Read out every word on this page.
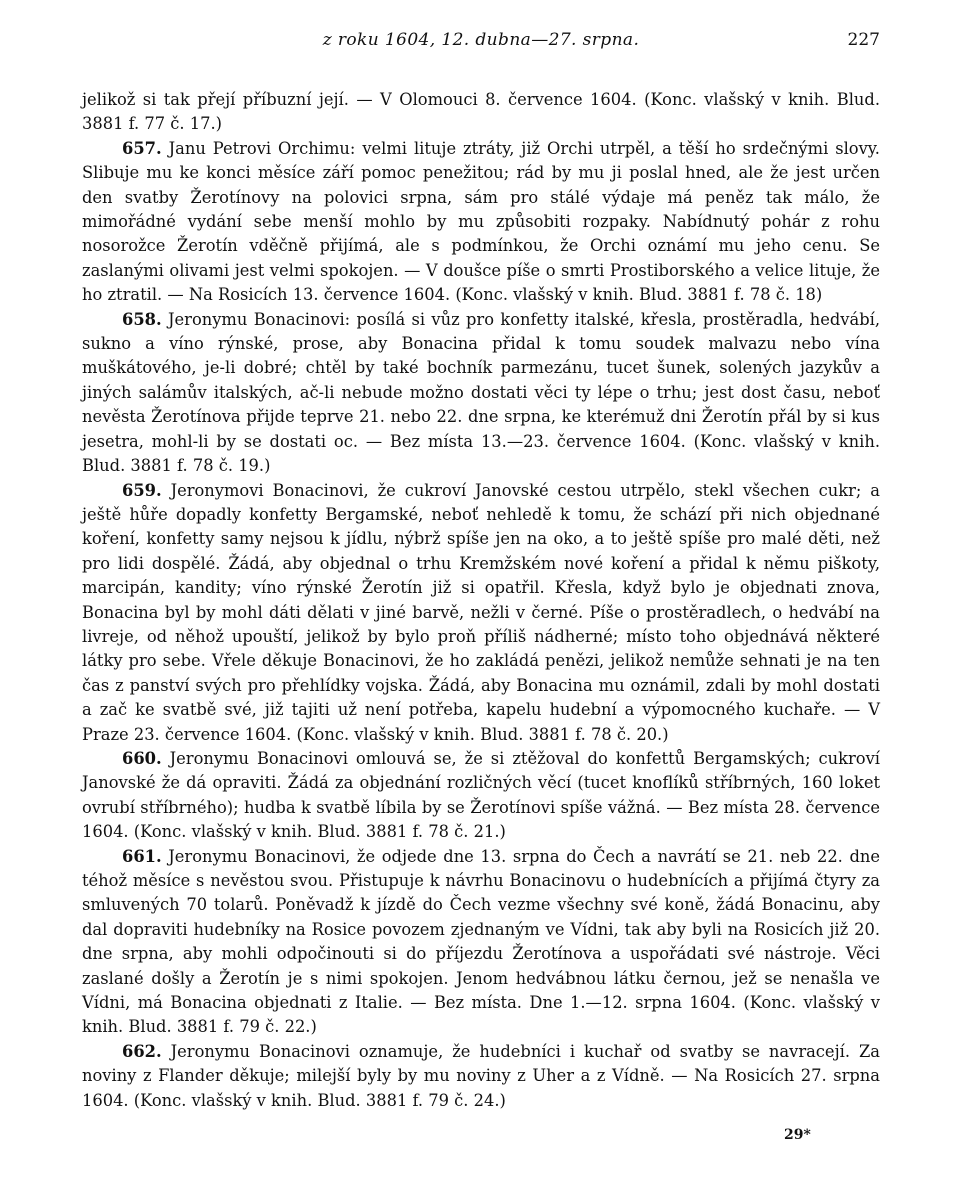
z roku 1604, 12. dubna—27. srpna.	227

jelikož si tak přejí příbuzní její. — V Olomouci 8. července 1604. (Konc. vlašský v knih. Blud. 3881 f. 77 č. 17.)

657. Janu Petrovi Orchimu: velmi lituje ztráty, již Orchi utrpěl, a těší ho srdečnými slovy. Slibuje mu ke konci měsíce září pomoc penežitou; rád by mu ji poslal hned, ale že jest určen den svatby Žerotínovy na polovici srpna, sám pro stálé výdaje má peněz tak málo, že mimořádné vydání sebe menší mohlo by mu způsobiti rozpaky. Nabídnutý pohár z rohu nosorožce Žerotín vděčně přijímá, ale s podmínkou, že Orchi oznámí mu jeho cenu. Se zaslanými olivami jest velmi spokojen. — V doušce píše o smrti Prostiborského a velice lituje, že ho ztratil. — Na Rosicích 13. července 1604. (Konc. vlašský v knih. Blud. 3881 f. 78 č. 18)

658. Jeronymu Bonacinovi: posílá si vůz pro konfetty italské, křesla, prostěradla, hedvábí, sukno a víno rýnské, prose, aby Bonacina přidal k tomu soudek malvazu nebo vína muškátového, je-li dobré; chtěl by také bochník parmezánu, tucet šunek, solených jazykův a jiných salámův italských, ač-li nebude možno dostati věci ty lépe o trhu; jest dost času, neboť nevěsta Žerotínova přijde teprve 21. nebo 22. dne srpna, ke kterémuž dni Žerotín přál by si kus jesetra, mohl-li by se dostati oc. — Bez místa 13.—23. července 1604. (Konc. vlašský v knih. Blud. 3881 f. 78 č. 19.)

659. Jeronymovi Bonacinovi, že cukroví Janovské cestou utrpělo, stekl všechen cukr; a ještě hůře dopadly konfetty Bergamské, neboť nehledě k tomu, že schází při nich objednané koření, konfetty samy nejsou k jídlu, nýbrž spíše jen na oko, a to ještě spíše pro malé děti, než pro lidi dospělé. Žádá, aby objednal o trhu Kremžském nové koření a přidal k němu piškoty, marcipán, kandity; víno rýnské Žerotín již si opatřil. Křesla, když bylo je objednati znova, Bonacina byl by mohl dáti dělati v jiné barvě, nežli v černé. Píše o prostěradlech, o hedvábí na livreje, od něhož upouští, jelikož by bylo proň příliš nádherné; místo toho objednává některé látky pro sebe. Vřele děkuje Bonacinovi, že ho zakládá penězi, jelikož nemůže sehnati je na ten čas z panství svých pro přehlídky vojska. Žádá, aby Bonacina mu oznámil, zdali by mohl dostati a zač ke svatbě své, již tajiti už není potřeba, kapelu hudební a výpomocného kuchaře. — V Praze 23. července 1604. (Konc. vlašský v knih. Blud. 3881 f. 78 č. 20.)

660. Jeronymu Bonacinovi omlouvá se, že si ztěžoval do konfettů Bergamských; cukroví Janovské že dá opraviti. Žádá za objednání rozličných věcí (tucet knoflíků stříbrných, 160 loket ovrubí stříbrného); hudba k svatbě líbila by se Žerotínovi spíše vážná. — Bez místa 28. července 1604. (Konc. vlašský v knih. Blud. 3881 f. 78 č. 21.)

661. Jeronymu Bonacinovi, že odjede dne 13. srpna do Čech a navrátí se 21. neb 22. dne téhož měsíce s nevěstou svou. Přistupuje k návrhu Bonacinovu o hudebnících a přijímá čtyry za smluvených 70 tolarů. Poněvadž k jízdě do Čech vezme všechny své koně, žádá Bonacinu, aby dal dopraviti hudebníky na Rosice povozem zjednaným ve Vídni, tak aby byli na Rosicích již 20. dne srpna, aby mohli odpočinouti si do příjezdu Žerotínova a uspořádati své nástroje. Věci zaslané došly a Žerotín je s nimi spokojen. Jenom hedvábnou látku černou, jež se nenašla ve Vídni, má Bonacina objednati z Italie. — Bez místa. Dne 1.—12. srpna 1604. (Konc. vlašský v knih. Blud. 3881 f. 79 č. 22.)

662. Jeronymu Bonacinovi oznamuje, že hudebníci i kuchař od svatby se navracejí. Za noviny z Flander děkuje; milejší byly by mu noviny z Uher a z Vídně. — Na Rosicích 27. srpna 1604. (Konc. vlašský v knih. Blud. 3881 f. 79 č. 24.)

29*
